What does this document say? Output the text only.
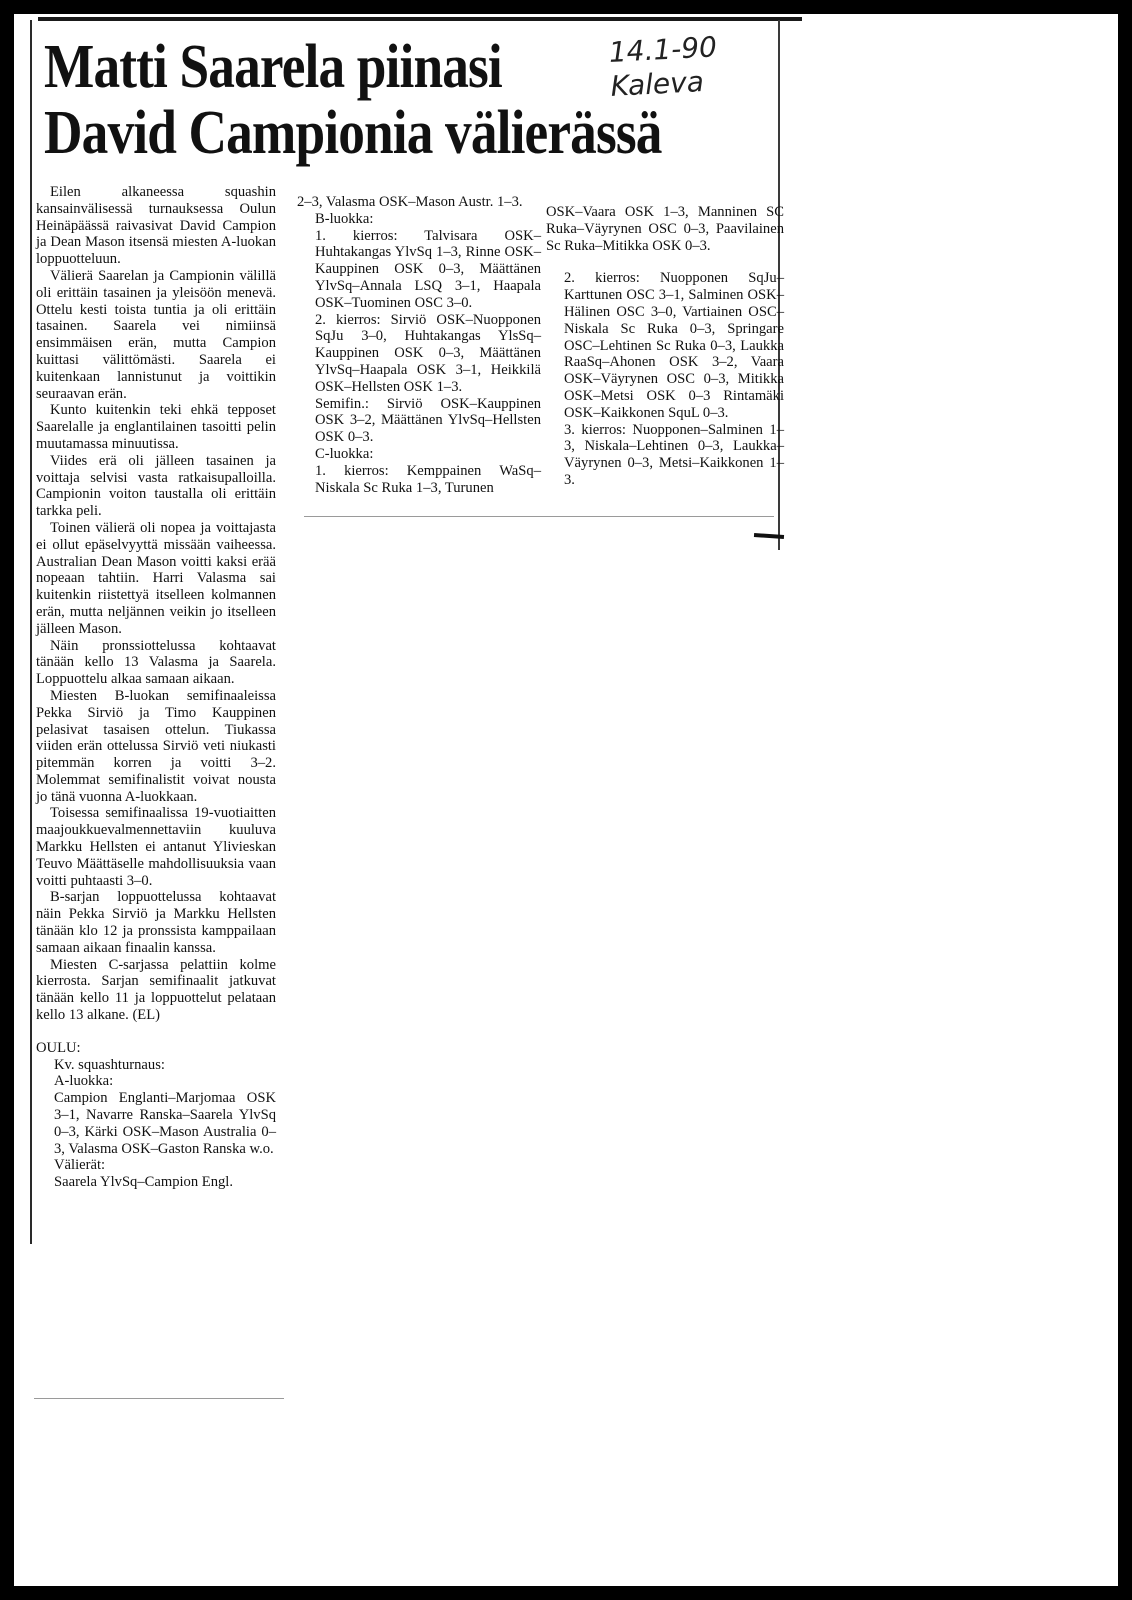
Matti Saarela piinasi
David Campionia välierässä
14.1-90
Kaleva

Eilen alkaneessa squashin kansainvälisessä turnauksessa Oulun Heinäpäässä raivasivat David Campion ja Dean Mason itsensä miesten A-luokan loppuotteluun.

Välierä Saarelan ja Campionin välillä oli erittäin tasainen ja yleisöön menevä. Ottelu kesti toista tuntia ja oli erittäin tasainen. Saarela vei nimiinsä ensimmäisen erän, mutta Campion kuittasi välittömästi. Saarela ei kuitenkaan lannistunut ja voittikin seuraavan erän.

Kunto kuitenkin teki ehkä tepposet Saarelalle ja englantilainen tasoitti pelin muutamassa minuutissa.

Viides erä oli jälleen tasainen ja voittaja selvisi vasta ratkaisupalloilla. Campionin voiton taustalla oli erittäin tarkka peli.

Toinen välierä oli nopea ja voittajasta ei ollut epäselvyyttä missään vaiheessa. Australian Dean Mason voitti kaksi erää nopeaan tahtiin. Harri Valasma sai kuitenkin riistettyä itselleen kolmannen erän, mutta neljännen veikin jo itselleen jälleen Mason.

Näin pronssiottelussa kohtaavat tänään kello 13 Valasma ja Saarela. Loppuottelu alkaa samaan aikaan.

Miesten B-luokan semifinaaleissa Pekka Sirviö ja Timo Kauppinen pelasivat tasaisen ottelun. Tiukassa viiden erän ottelussa Sirviö veti niukasti pitemmän korren ja voitti 3–2. Molemmat semifinalistit voivat nousta jo tänä vuonna A-luokkaan.

Toisessa semifinaalissa 19-vuotiaitten maajoukkuevalmennettaviin kuuluva Markku Hellsten ei antanut Ylivieskan Teuvo Määttäselle mahdollisuuksia vaan voitti puhtaasti 3–0.

B-sarjan loppuottelussa kohtaavat näin Pekka Sirviö ja Markku Hellsten tänään klo 12 ja pronssista kamppailaan samaan aikaan finaalin kanssa.

Miesten C-sarjassa pelattiin kolme kierrosta. Sarjan semifinaalit jatkuvat tänään kello 11 ja loppuottelut pelataan kello 13 alkane. (EL)

OULU:

Kv. squashturnaus:

A-luokka:

Campion Englanti–Marjomaa OSK 3–1, Navarre Ranska–Saarela YlvSq 0–3, Kärki OSK–Mason Australia 0–3, Valasma OSK–Gaston Ranska w.o.

Välierät:

Saarela YlvSq–Campion Engl.

2–3, Valasma OSK–Mason Austr. 1–3.

B-luokka:

1. kierros: Talvisara OSK–Huhtakangas YlvSq 1–3, Rinne OSK–Kauppinen OSK 0–3, Määttänen YlvSq–Annala LSQ 3–1, Haapala OSK–Tuominen OSC 3–0.

2. kierros: Sirviö OSK–Nuopponen SqJu 3–0, Huhtakangas YlsSq–Kauppinen OSK 0–3, Määttänen YlvSq–Haapala OSK 3–1, Heikkilä OSK–Hellsten OSK 1–3.

Semifin.: Sirviö OSK–Kauppinen OSK 3–2, Määttänen YlvSq–Hellsten OSK 0–3.

C-luokka:

1. kierros: Kemppainen WaSq–Niskala Sc Ruka 1–3, Turunen

OSK–Vaara OSK 1–3, Manninen SC Ruka–Väyrynen OSC 0–3, Paavilainen Sc Ruka–Mitikka OSK 0–3.

2. kierros: Nuopponen SqJu–Karttunen OSC 3–1, Salminen OSK–Hälinen OSC 3–0, Vartiainen OSC–Niskala Sc Ruka 0–3, Springare OSC–Lehtinen Sc Ruka 0–3, Laukka RaaSq–Ahonen OSK 3–2, Vaara OSK–Väyrynen OSC 0–3, Mitikka OSK–Metsi OSK 0–3 Rintamäki OSK–Kaikkonen SquL 0–3.

3. kierros: Nuopponen–Salminen 1–3, Niskala–Lehtinen 0–3, Laukka–Väyrynen 0–3, Metsi–Kaikkonen 1–3.
